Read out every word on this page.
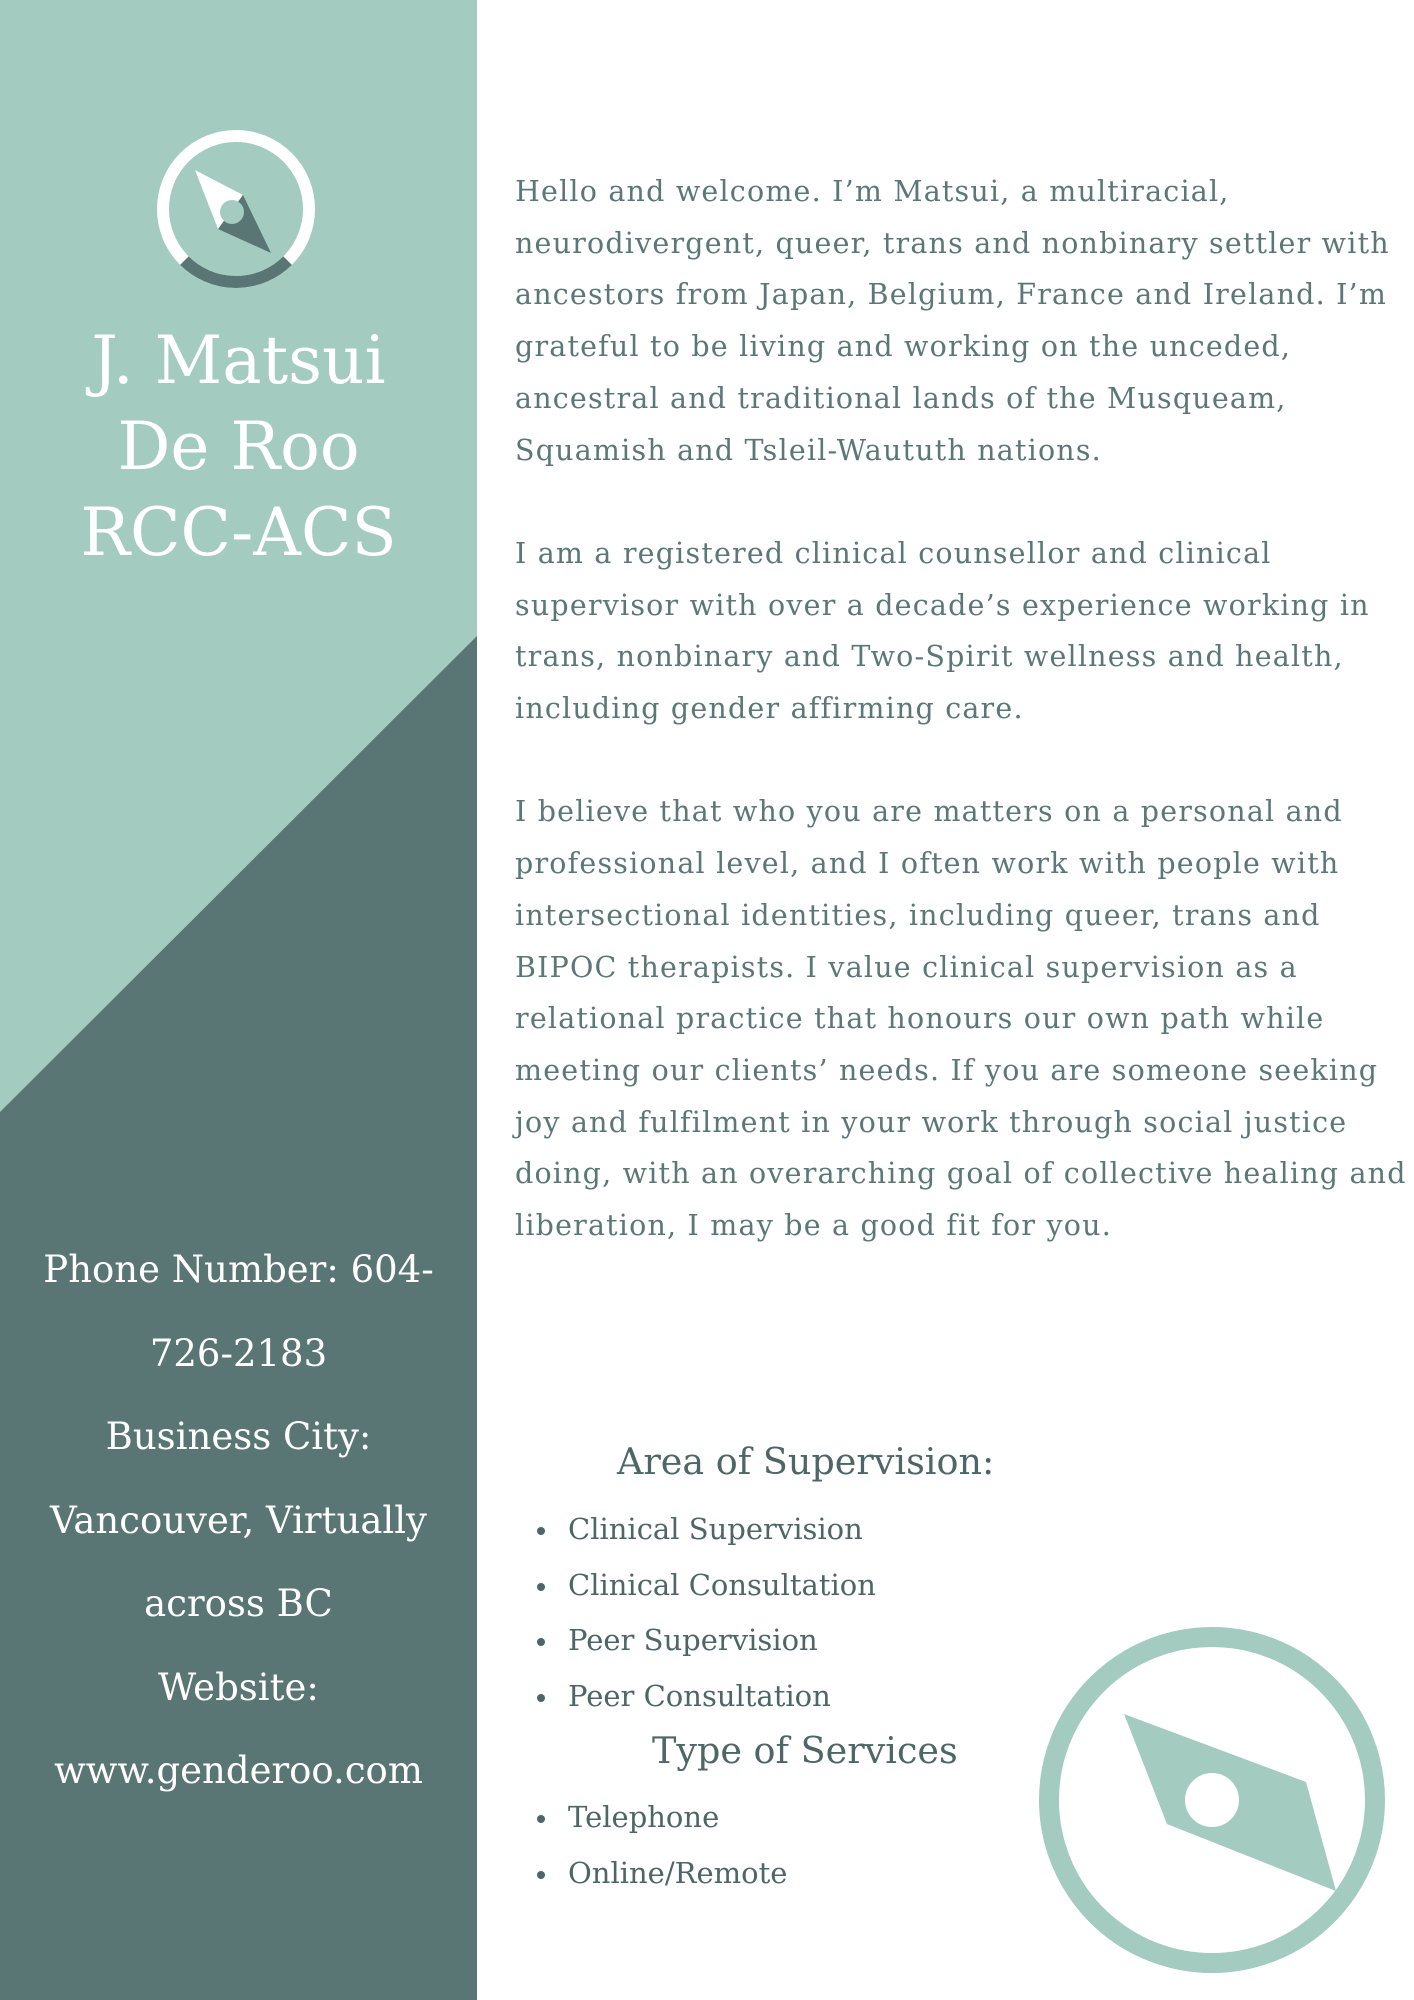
J. Matsui
De Roo
RCC-ACS
Phone Number: 604-
726-2183
Business City:
Vancouver, Virtually
across BC
Website:
www.genderoo.com

Hello and welcome. I’m Matsui, a multiracial,
neurodivergent, queer, trans and nonbinary settler with
ancestors from Japan, Belgium, France and Ireland. I’m
grateful to be living and working on the unceded,
ancestral and traditional lands of the Musqueam,
Squamish and Tsleil-Waututh nations.

I am a registered clinical counsellor and clinical
supervisor with over a decade’s experience working in
trans, nonbinary and Two-Spirit wellness and health,
including gender affirming care.

I believe that who you are matters on a personal and
professional level, and I often work with people with
intersectional identities, including queer, trans and
BIPOC therapists. I value clinical supervision as a
relational practice that honours our own path while
meeting our clients’ needs. If you are someone seeking
joy and fulfilment in your work through social justice
doing, with an overarching goal of collective healing and
liberation, I may be a good fit for you.

Area of Supervision:
Clinical Supervision
Clinical Consultation
Peer Supervision
Peer Consultation
Type of Services
Telephone
Online/Remote
